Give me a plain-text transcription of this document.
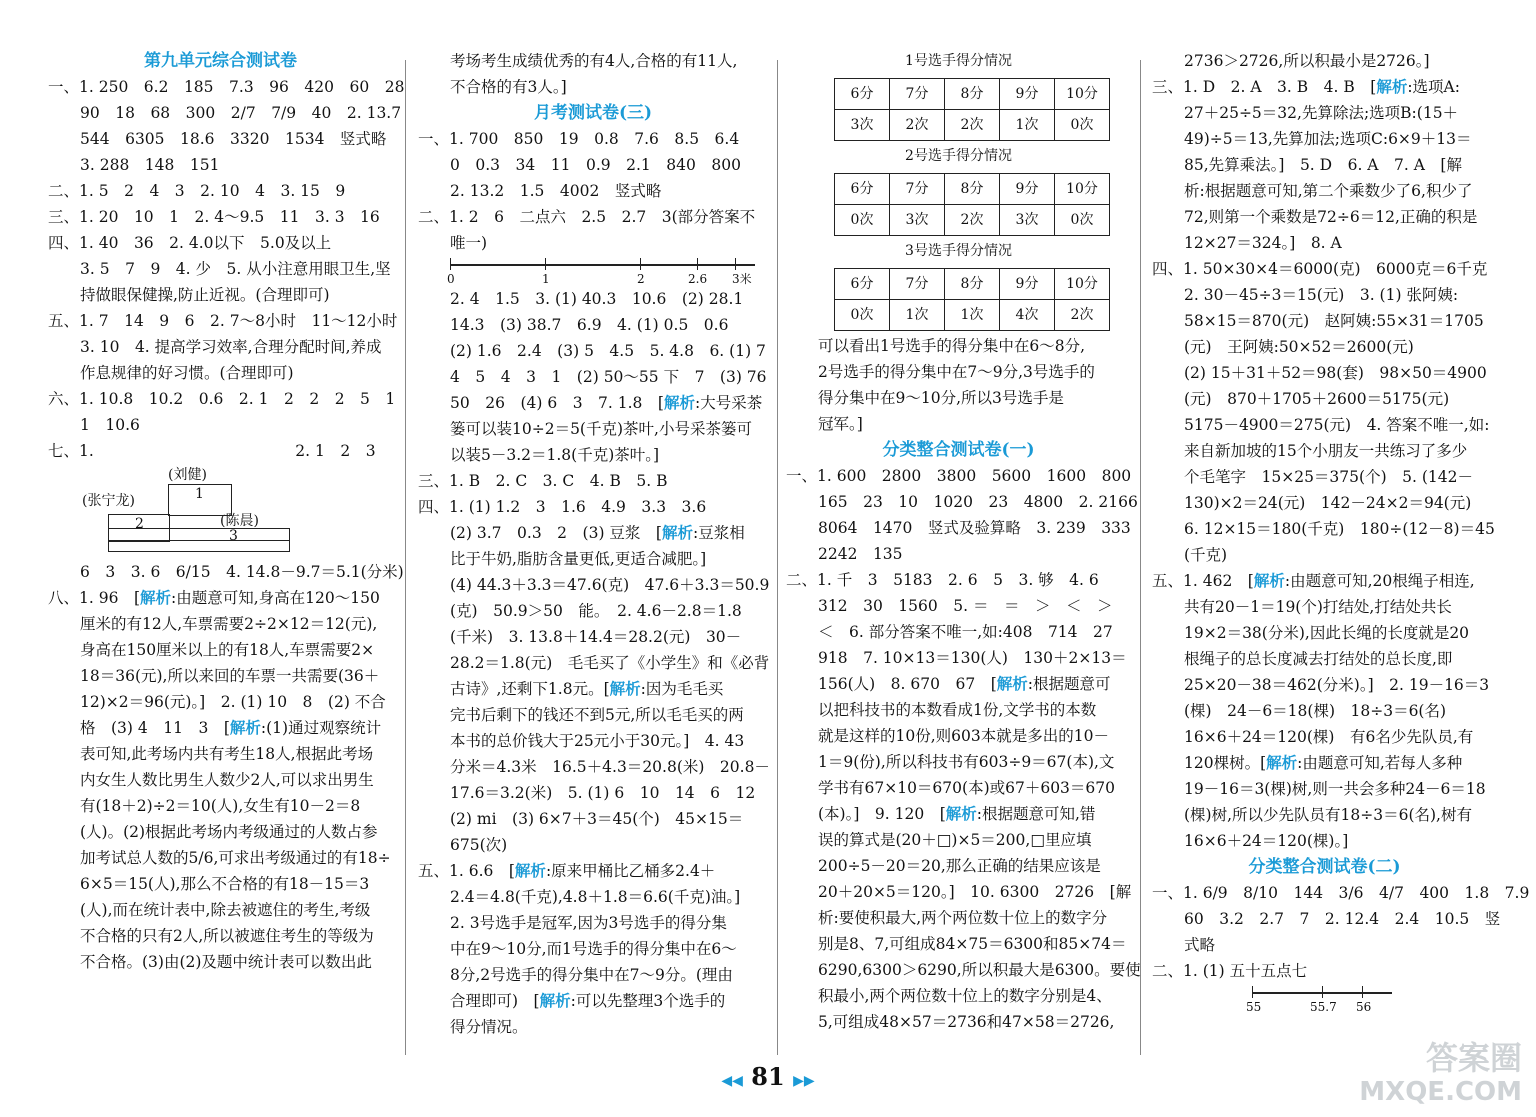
第九单元综合测试卷

一、1. 250　6.2　185　7.3　96　420　60　28

90　18　68　300　2/7　7/9　40　2. 13.7

544　6305　18.6　3320　1534　竖式略

3. 288　148　151

二、1. 5　2　4　3　2. 10　4　3. 15　9

三、1. 20　10　1　2. 4～9.5　11　3. 3　16

四、1. 40　36　2. 4.0以下　5.0及以上

3. 5　7　9　4. 少　5. 从小注意用眼卫生,坚

持做眼保健操,防止近视。(合理即可)

五、1. 7　14　9　6　2. 7～8小时　11～12小时

3. 10　4. 提高学习效率,合理分配时间,养成

作息规律的好习惯。(合理即可)

六、1. 10.8　10.2　0.6　2. 1　2　2　2　5　1

1　10.6

七、1.　　　　　　　　　　　　　2. 1　2　3

(刘健)
(张宁龙)
(陈晨)
1
2
3

6　3　3. 6　6/15　4. 14.8－9.7＝5.1(分米)

八、1. 96　[解析:由题意可知,身高在120～150

厘米的有12人,车票需要2÷2×12＝12(元),

身高在150厘米以上的有18人,车票需要2×

18＝36(元),所以来回的车票一共需要(36＋

12)×2＝96(元)。]　2. (1) 10　8　(2) 不合

格　(3) 4　11　3　[解析:(1)通过观察统计

表可知,此考场内共有考生18人,根据此考场

内女生人数比男生人数少2人,可以求出男生

有(18＋2)÷2＝10(人),女生有10－2＝8

(人)。(2)根据此考场内考级通过的人数占参

加考试总人数的5/6,可求出考级通过的有18÷

6×5＝15(人),那么不合格的有18－15＝3

(人),而在统计表中,除去被遮住的考生,考级

不合格的只有2人,所以被遮住考生的等级为

不合格。(3)由(2)及题中统计表可以数出此

考场考生成绩优秀的有4人,合格的有11人,

不合格的有3人。]

月考测试卷(三)

一、1. 700　850　19　0.8　7.6　8.5　6.4

0　0.3　34　11　0.9　2.1　840　800

2. 13.2　1.5　4002　竖式略

二、1. 2　6　二点六　2.5　2.7　3(部分答案不

唯一)

0	1	2	2.6 3米

2. 4　1.5　3. (1) 40.3　10.6　(2) 28.1

14.3　(3) 38.7　6.9　4. (1) 0.5　0.6

(2) 1.6　2.4　(3) 5　4.5　5. 4.8　6. (1) 7

4　5　4　3　1　(2) 50～55 下　7　(3) 76

50　26　(4) 6　3　7. 1.8　[解析:大号采茶

篓可以装10÷2＝5(千克)茶叶,小号采茶篓可

以装5－3.2＝1.8(千克)茶叶。]

三、1. B　2. C　3. C　4. B　5. B

四、1. (1) 1.2　3　1.6　4.9　3.3　3.6

(2) 3.7　0.3　2　(3) 豆浆　[解析:豆浆相

比于牛奶,脂肪含量更低,更适合减肥。]

(4) 44.3＋3.3＝47.6(克)　47.6＋3.3＝50.9

(克)　50.9＞50　能。　2. 4.6－2.8＝1.8

(千米)　3. 13.8＋14.4＝28.2(元)　30－

28.2＝1.8(元)　毛毛买了《小学生》和《必背

古诗》,还剩下1.8元。[解析:因为毛毛买

完书后剩下的钱还不到5元,所以毛毛买的两

本书的总价钱大于25元小于30元。]　4. 43

分米＝4.3米　16.5＋4.3＝20.8(米)　20.8－

17.6＝3.2(米)　5. (1) 6　10　14　6　12

(2) mi　(3) 6×7＋3＝45(个)　45×15＝

675(次)

五、1. 6.6　[解析:原来甲桶比乙桶多2.4＋

2.4＝4.8(千克),4.8＋1.8＝6.6(千克)油。]

2. 3号选手是冠军,因为3号选手的得分集

中在9～10分,而1号选手的得分集中在6～

8分,2号选手的得分集中在7～9分。(理由

合理即可)　[解析:可以先整理3个选手的

得分情况。

1号选手得分情况

6分	7分	8分	9分	10分
3次	2次	2次	1次	0次

2号选手得分情况

6分	7分	8分	9分	10分
0次	3次	2次	3次	0次

3号选手得分情况

6分	7分	8分	9分	10分
0次	1次	1次	4次	2次

可以看出1号选手的得分集中在6～8分,

2号选手的得分集中在7～9分,3号选手的

得分集中在9～10分,所以3号选手是

冠军。]

分类整合测试卷(一)

一、1. 600　2800　3800　5600　1600　800

165　23　10　1020　23　4800　2. 2166

8064　1470　竖式及验算略　3. 239　333

2242　135

二、1. 千　3　5183　2. 6　5　3. 够　4. 6

312　30　1560　5. ＝　＝　＞　＜　＞

＜　6. 部分答案不唯一,如:408　714　27

918　7. 10×13＝130(人)　130＋2×13＝

156(人)　8. 670　67　[解析:根据题意可

以把科技书的本数看成1份,文学书的本数

就是这样的10份,则603本就是多出的10－

1＝9(份),所以科技书有603÷9＝67(本),文

学书有67×10＝670(本)或67＋603＝670

(本)。]　9. 120　[解析:根据题意可知,错

误的算式是(20＋□)×5＝200,□里应填

200÷5－20＝20,那么正确的结果应该是

20＋20×5＝120。]　10. 6300　2726　[解

析:要使积最大,两个两位数十位上的数字分

别是8、7,可组成84×75＝6300和85×74＝

6290,6300＞6290,所以积最大是6300。要使

积最小,两个两位数十位上的数字分别是4、

5,可组成48×57＝2736和47×58＝2726,

2736＞2726,所以积最小是2726。]

三、1. D　2. A　3. B　4. B　[解析:选项A:

27＋25÷5＝32,先算除法;选项B:(15＋

49)÷5＝13,先算加法;选项C:6×9＋13＝

85,先算乘法。]　5. D　6. A　7. A　[解

析:根据题意可知,第二个乘数少了6,积少了

72,则第一个乘数是72÷6＝12,正确的积是

12×27＝324。]　8. A

四、1. 50×30×4＝6000(克)　6000克＝6千克

2. 30－45÷3＝15(元)　3. (1) 张阿姨:

58×15＝870(元)　赵阿姨:55×31＝1705

(元)　王阿姨:50×52＝2600(元)

(2) 15＋31＋52＝98(套)　98×50＝4900

(元)　870＋1705＋2600＝5175(元)

5175－4900＝275(元)　4. 答案不唯一,如:

来自新加坡的15个小朋友一共练习了多少

个毛笔字　15×25＝375(个)　5. (142－

130)×2＝24(元)　142－24×2＝94(元)

6. 12×15＝180(千克)　180÷(12－8)＝45

(千克)

五、1. 462　[解析:由题意可知,20根绳子相连,

共有20－1＝19(个)打结处,打结处共长

19×2＝38(分米),因此长绳的长度就是20

根绳子的总长度减去打结处的总长度,即

25×20－38＝462(分米)。]　2. 19－16＝3

(棵)　24－6＝18(棵)　18÷3＝6(名)

16×6＋24＝120(棵)　有6名少先队员,有

120棵树。[解析:由题意可知,若每人多种

19－16＝3(棵)树,则一共会多种24－6＝18

(棵)树,所以少先队员有18÷3＝6(名),树有

16×6＋24＝120(棵)。]

分类整合测试卷(二)

一、1. 6/9　8/10　144　3/6　4/7　400　1.8　7.9

60　3.2　2.7　7　2. 12.4　2.4　10.5　竖

式略

二、1. (1) 五十五点七

55	55.7 56
◀◀ 81 ▶▶
答案圈
MXQE.COM
